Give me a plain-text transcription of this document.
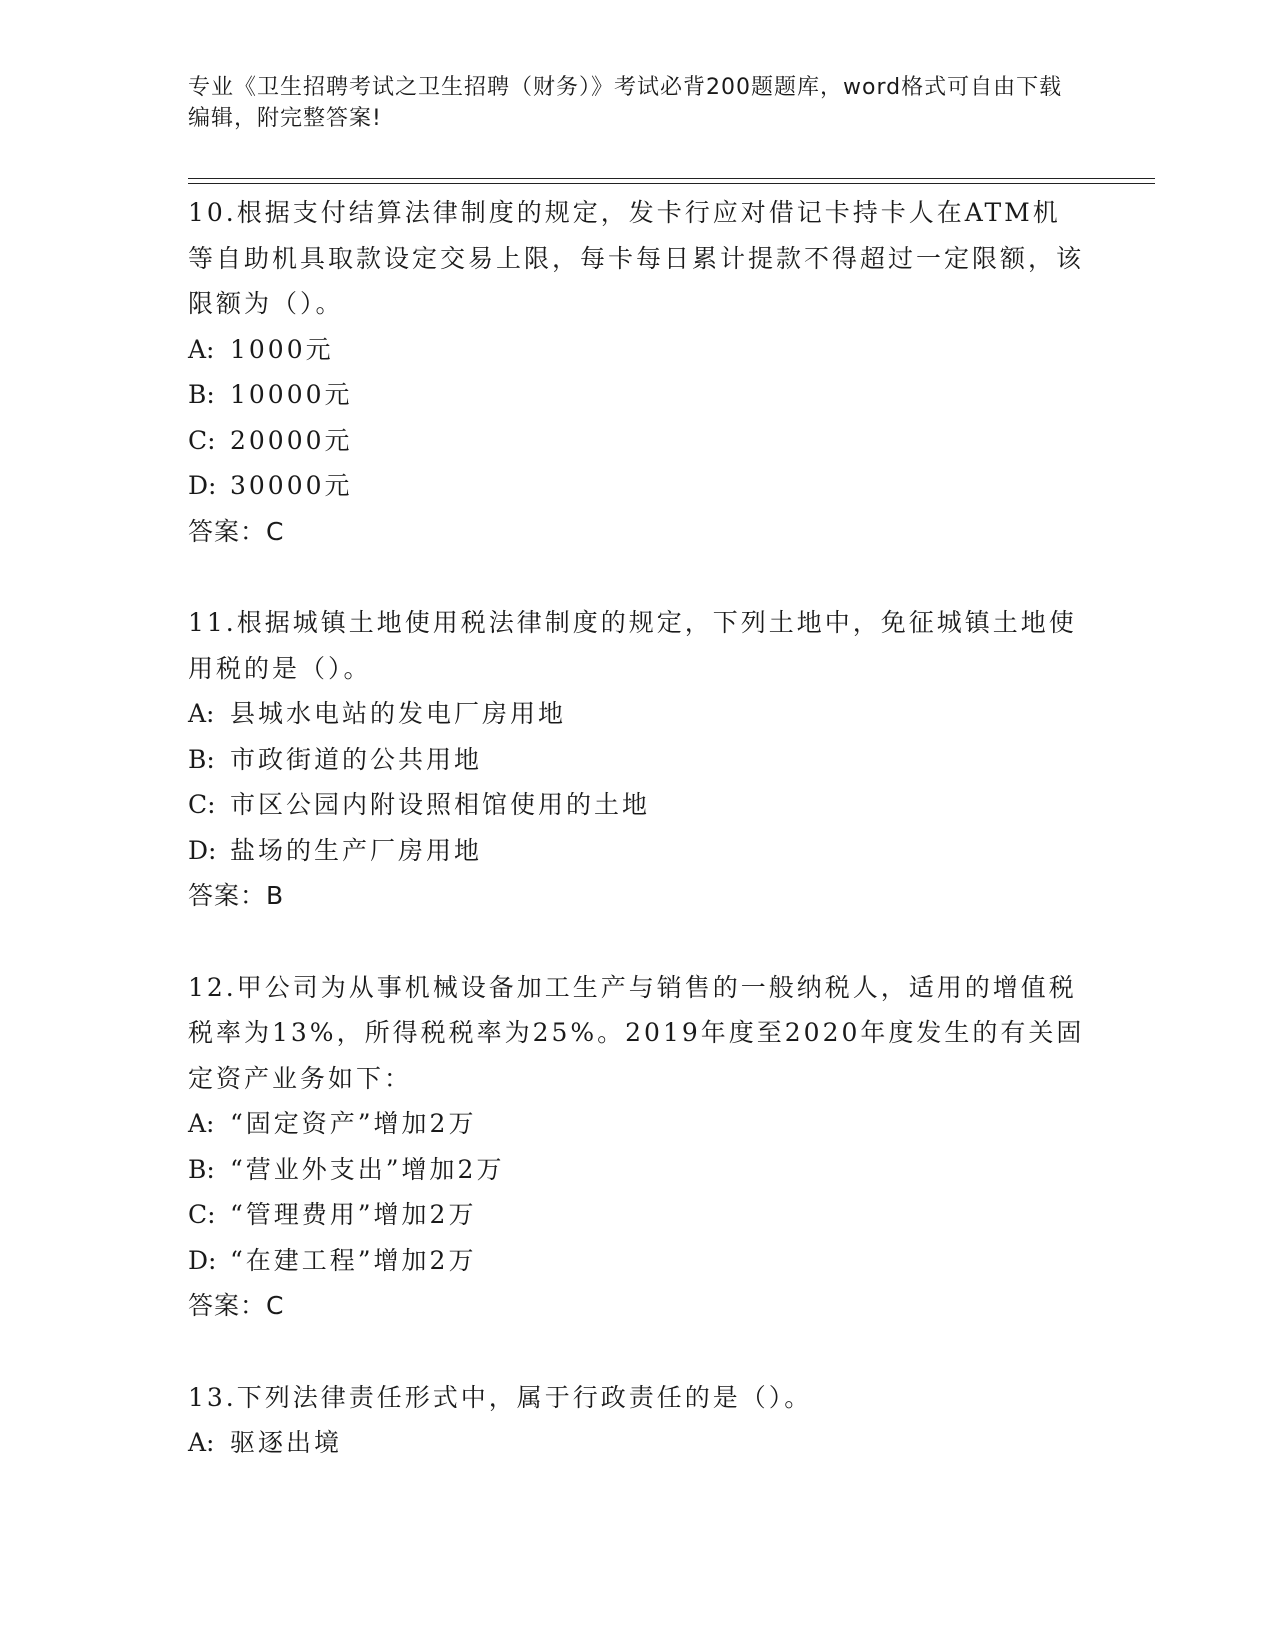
专业《卫生招聘考试之卫生招聘（财务）》考试必背200题题库，word格式可自由下载编辑，附完整答案!

10.根据支付结算法律制度的规定，发卡行应对借记卡持卡人在ATM机等自助机具取款设定交易上限，每卡每日累计提款不得超过一定限额，该限额为（）。

A: 1000元

B: 10000元

C: 20000元

D: 30000元

答案：C

11.根据城镇土地使用税法律制度的规定，下列土地中，免征城镇土地使用税的是（）。

A: 县城水电站的发电厂房用地

B: 市政街道的公共用地

C: 市区公园内附设照相馆使用的土地

D: 盐场的生产厂房用地

答案：B

12.甲公司为从事机械设备加工生产与销售的一般纳税人，适用的增值税税率为13%，所得税税率为25%。2019年度至2020年度发生的有关固定资产业务如下：

A: “固定资产”增加2万

B: “营业外支出”增加2万

C: “管理费用”增加2万

D: “在建工程”增加2万

答案：C

13.下列法律责任形式中，属于行政责任的是（）。

A: 驱逐出境
